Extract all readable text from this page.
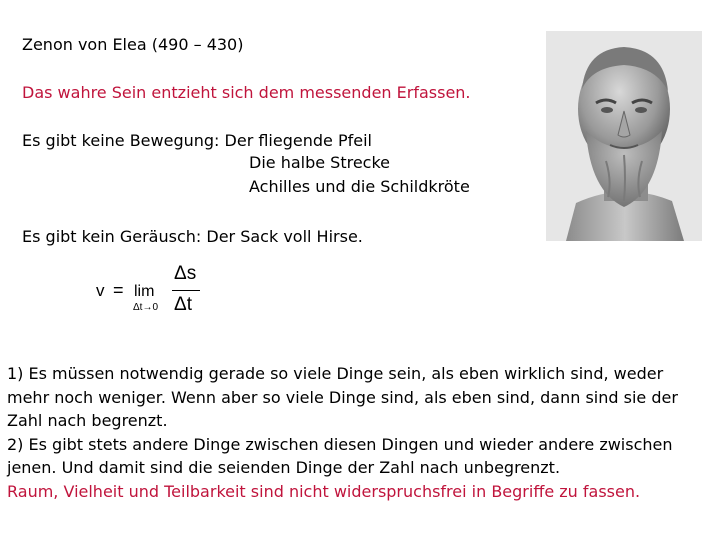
Zenon von Elea (490 – 430)
Das wahre Sein entzieht sich dem messenden Erfassen.
Es gibt keine Bewegung: Der fliegende Pfeil
Die halbe Strecke
Achilles und die Schildkröte
Es gibt kein Geräusch: Der Sack voll Hirse.
v = lim
Δt→0
Δs
Δt
1) Es müssen notwendig gerade so viele Dinge sein, als eben wirklich sind, weder
mehr noch weniger. Wenn aber so viele Dinge sind, als eben sind, dann sind sie der
Zahl nach begrenzt.
2) Es gibt stets andere Dinge zwischen diesen Dingen und wieder andere zwischen
jenen. Und damit sind die seienden Dinge der Zahl nach unbegrenzt.
Raum, Vielheit und Teilbarkeit sind nicht widerspruchsfrei in Begriffe zu fassen.
